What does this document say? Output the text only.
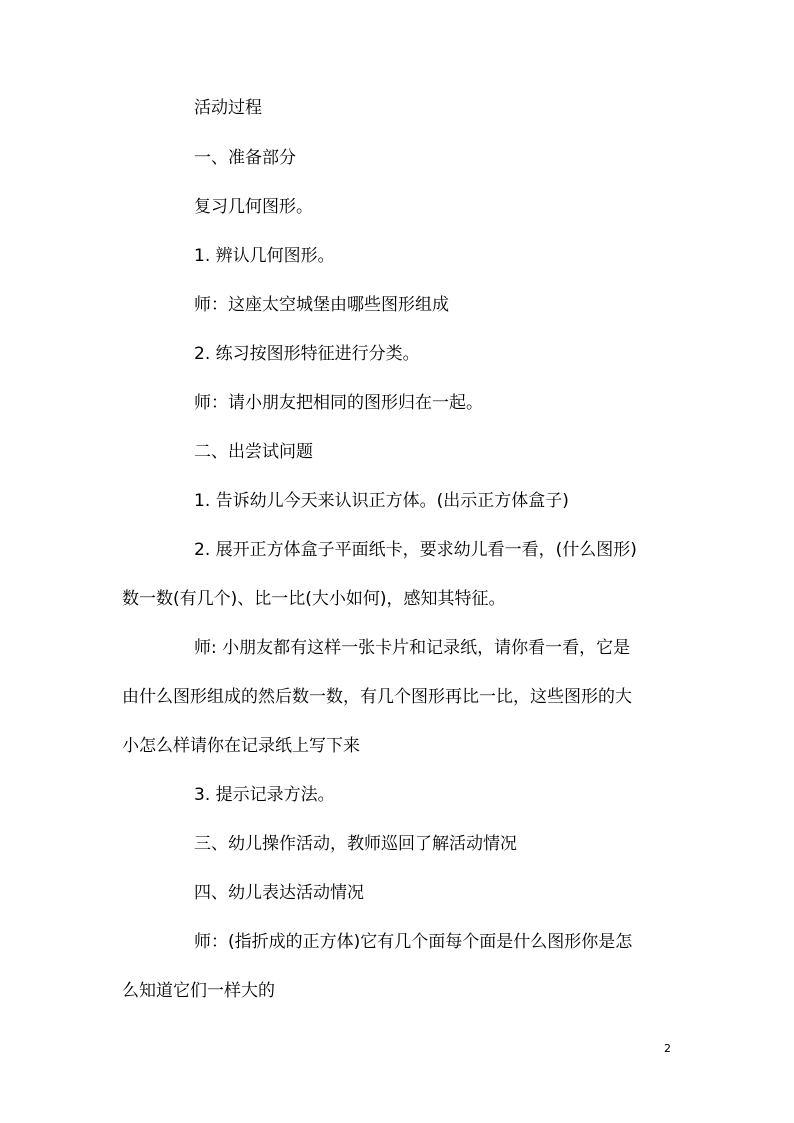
活动过程
一、准备部分
复习几何图形。
1. 辨认几何图形。
师：这座太空城堡由哪些图形组成
2. 练习按图形特征进行分类。
师：请小朋友把相同的图形归在一起。
二、出尝试问题
1. 告诉幼儿今天来认识正方体。(出示正方体盒子)
2. 展开正方体盒子平面纸卡，要求幼儿看一看，(什么图形)
数一数(有几个)、比一比(大小如何)，感知其特征。
师: 小朋友都有这样一张卡片和记录纸，请你看一看，它是
由什么图形组成的然后数一数，有几个图形再比一比，这些图形的大
小怎么样请你在记录纸上写下来
3. 提示记录方法。
三、幼儿操作活动，教师巡回了解活动情况
四、幼儿表达活动情况
师：(指折成的正方体)它有几个面每个面是什么图形你是怎
么知道它们一样大的
2
